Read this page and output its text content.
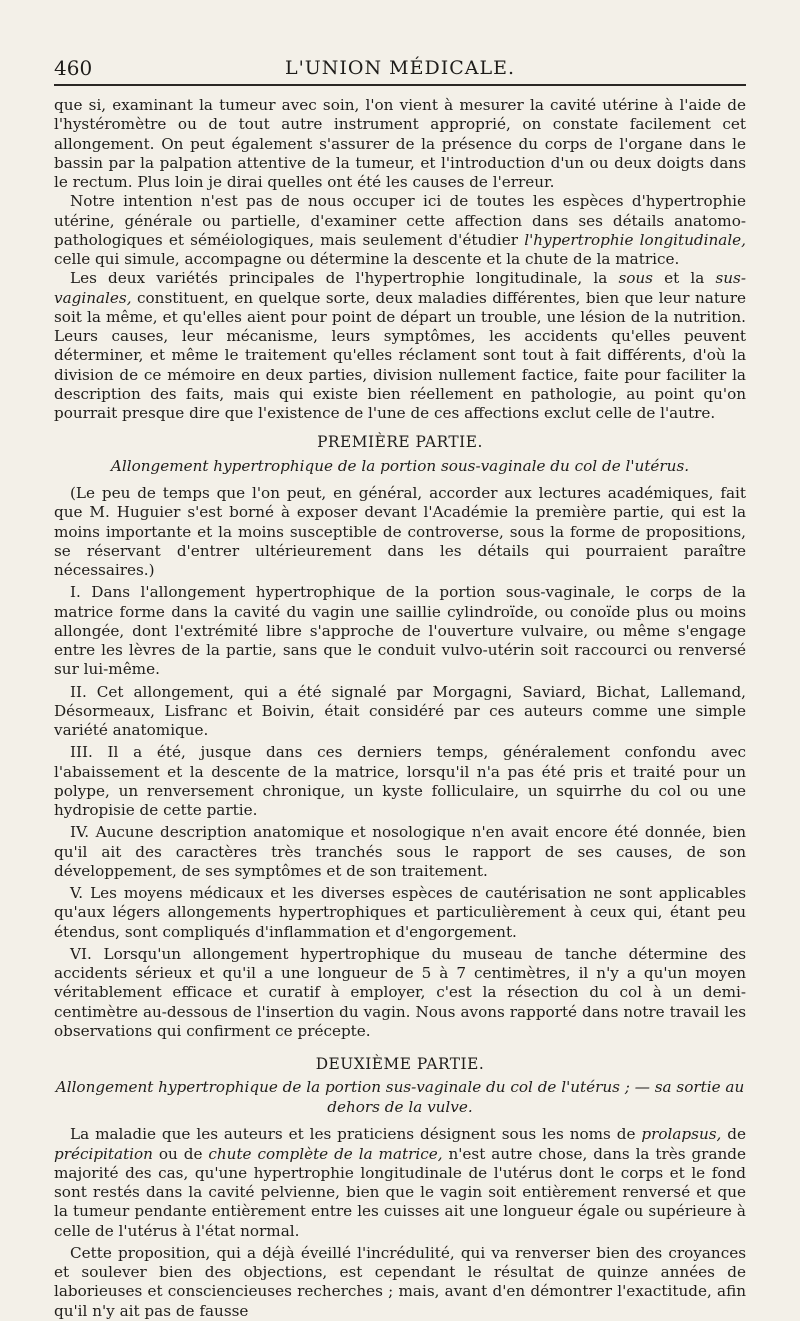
460	L'UNION MÉDICALE.

que si, examinant la tumeur avec soin, l'on vient à mesurer la cavité utérine à l'aide de l'hystéromètre ou de tout autre instrument approprié, on constate facilement cet allongement. On peut également s'assurer de la présence du corps de l'organe dans le bassin par la palpation attentive de la tumeur, et l'introduction d'un ou deux doigts dans le rectum. Plus loin je dirai quelles ont été les causes de l'erreur.

Notre intention n'est pas de nous occuper ici de toutes les espèces d'hypertrophie utérine, générale ou partielle, d'examiner cette affection dans ses détails anatomo-pathologiques et séméiologiques, mais seulement d'étudier l'hypertrophie longitudinale, celle qui simule, accompagne ou détermine la descente et la chute de la matrice.

Les deux variétés principales de l'hypertrophie longitudinale, la sous et la sus-vaginales, constituent, en quelque sorte, deux maladies différentes, bien que leur nature soit la même, et qu'elles aient pour point de départ un trouble, une lésion de la nutrition. Leurs causes, leur mécanisme, leurs symptômes, les accidents qu'elles peuvent déterminer, et même le traitement qu'elles réclament sont tout à fait différents, d'où la division de ce mémoire en deux parties, division nullement factice, faite pour faciliter la description des faits, mais qui existe bien réellement en pathologie, au point qu'on pourrait presque dire que l'existence de l'une de ces affections exclut celle de l'autre.

PREMIÈRE PARTIE.
Allongement hypertrophique de la portion sous-vaginale du col de l'utérus.

(Le peu de temps que l'on peut, en général, accorder aux lectures académiques, fait que M. Huguier s'est borné à exposer devant l'Académie la première partie, qui est la moins importante et la moins susceptible de controverse, sous la forme de propositions, se réservant d'entrer ultérieurement dans les détails qui pourraient paraître nécessaires.)

I. Dans l'allongement hypertrophique de la portion sous-vaginale, le corps de la matrice forme dans la cavité du vagin une saillie cylindroïde, ou conoïde plus ou moins allongée, dont l'extrémité libre s'approche de l'ouverture vulvaire, ou même s'engage entre les lèvres de la partie, sans que le conduit vulvo-utérin soit raccourci ou renversé sur lui-même.

II. Cet allongement, qui a été signalé par Morgagni, Saviard, Bichat, Lallemand, Désormeaux, Lisfranc et Boivin, était considéré par ces auteurs comme une simple variété anatomique.

III. Il a été, jusque dans ces derniers temps, généralement confondu avec l'abaissement et la descente de la matrice, lorsqu'il n'a pas été pris et traité pour un polype, un renversement chronique, un kyste folliculaire, un squirrhe du col ou une hydropisie de cette partie.

IV. Aucune description anatomique et nosologique n'en avait encore été donnée, bien qu'il ait des caractères très tranchés sous le rapport de ses causes, de son développement, de ses symptômes et de son traitement.

V. Les moyens médicaux et les diverses espèces de cautérisation ne sont applicables qu'aux légers allongements hypertrophiques et particulièrement à ceux qui, étant peu étendus, sont compliqués d'inflammation et d'engorgement.

VI. Lorsqu'un allongement hypertrophique du museau de tanche détermine des accidents sérieux et qu'il a une longueur de 5 à 7 centimètres, il n'y a qu'un moyen véritablement efficace et curatif à employer, c'est la résection du col à un demi-centimètre au-dessous de l'insertion du vagin. Nous avons rapporté dans notre travail les observations qui confirment ce précepte.

DEUXIÈME PARTIE.
Allongement hypertrophique de la portion sus-vaginale du col de l'utérus ; — sa sortie au
dehors de la vulve.

La maladie que les auteurs et les praticiens désignent sous les noms de prolapsus, de précipitation ou de chute complète de la matrice, n'est autre chose, dans la très grande majorité des cas, qu'une hypertrophie longitudinale de l'utérus dont le corps et le fond sont restés dans la cavité pelvienne, bien que le vagin soit entièrement renversé et que la tumeur pendante entièrement entre les cuisses ait une longueur égale ou supérieure à celle de l'utérus à l'état normal.

Cette proposition, qui a déjà éveillé l'incrédulité, qui va renverser bien des croyances et soulever bien des objections, est cependant le résultat de quinze années de laborieuses et consciencieuses recherches ; mais, avant d'en démontrer l'exactitude, afin qu'il n'y ait pas de fausse
